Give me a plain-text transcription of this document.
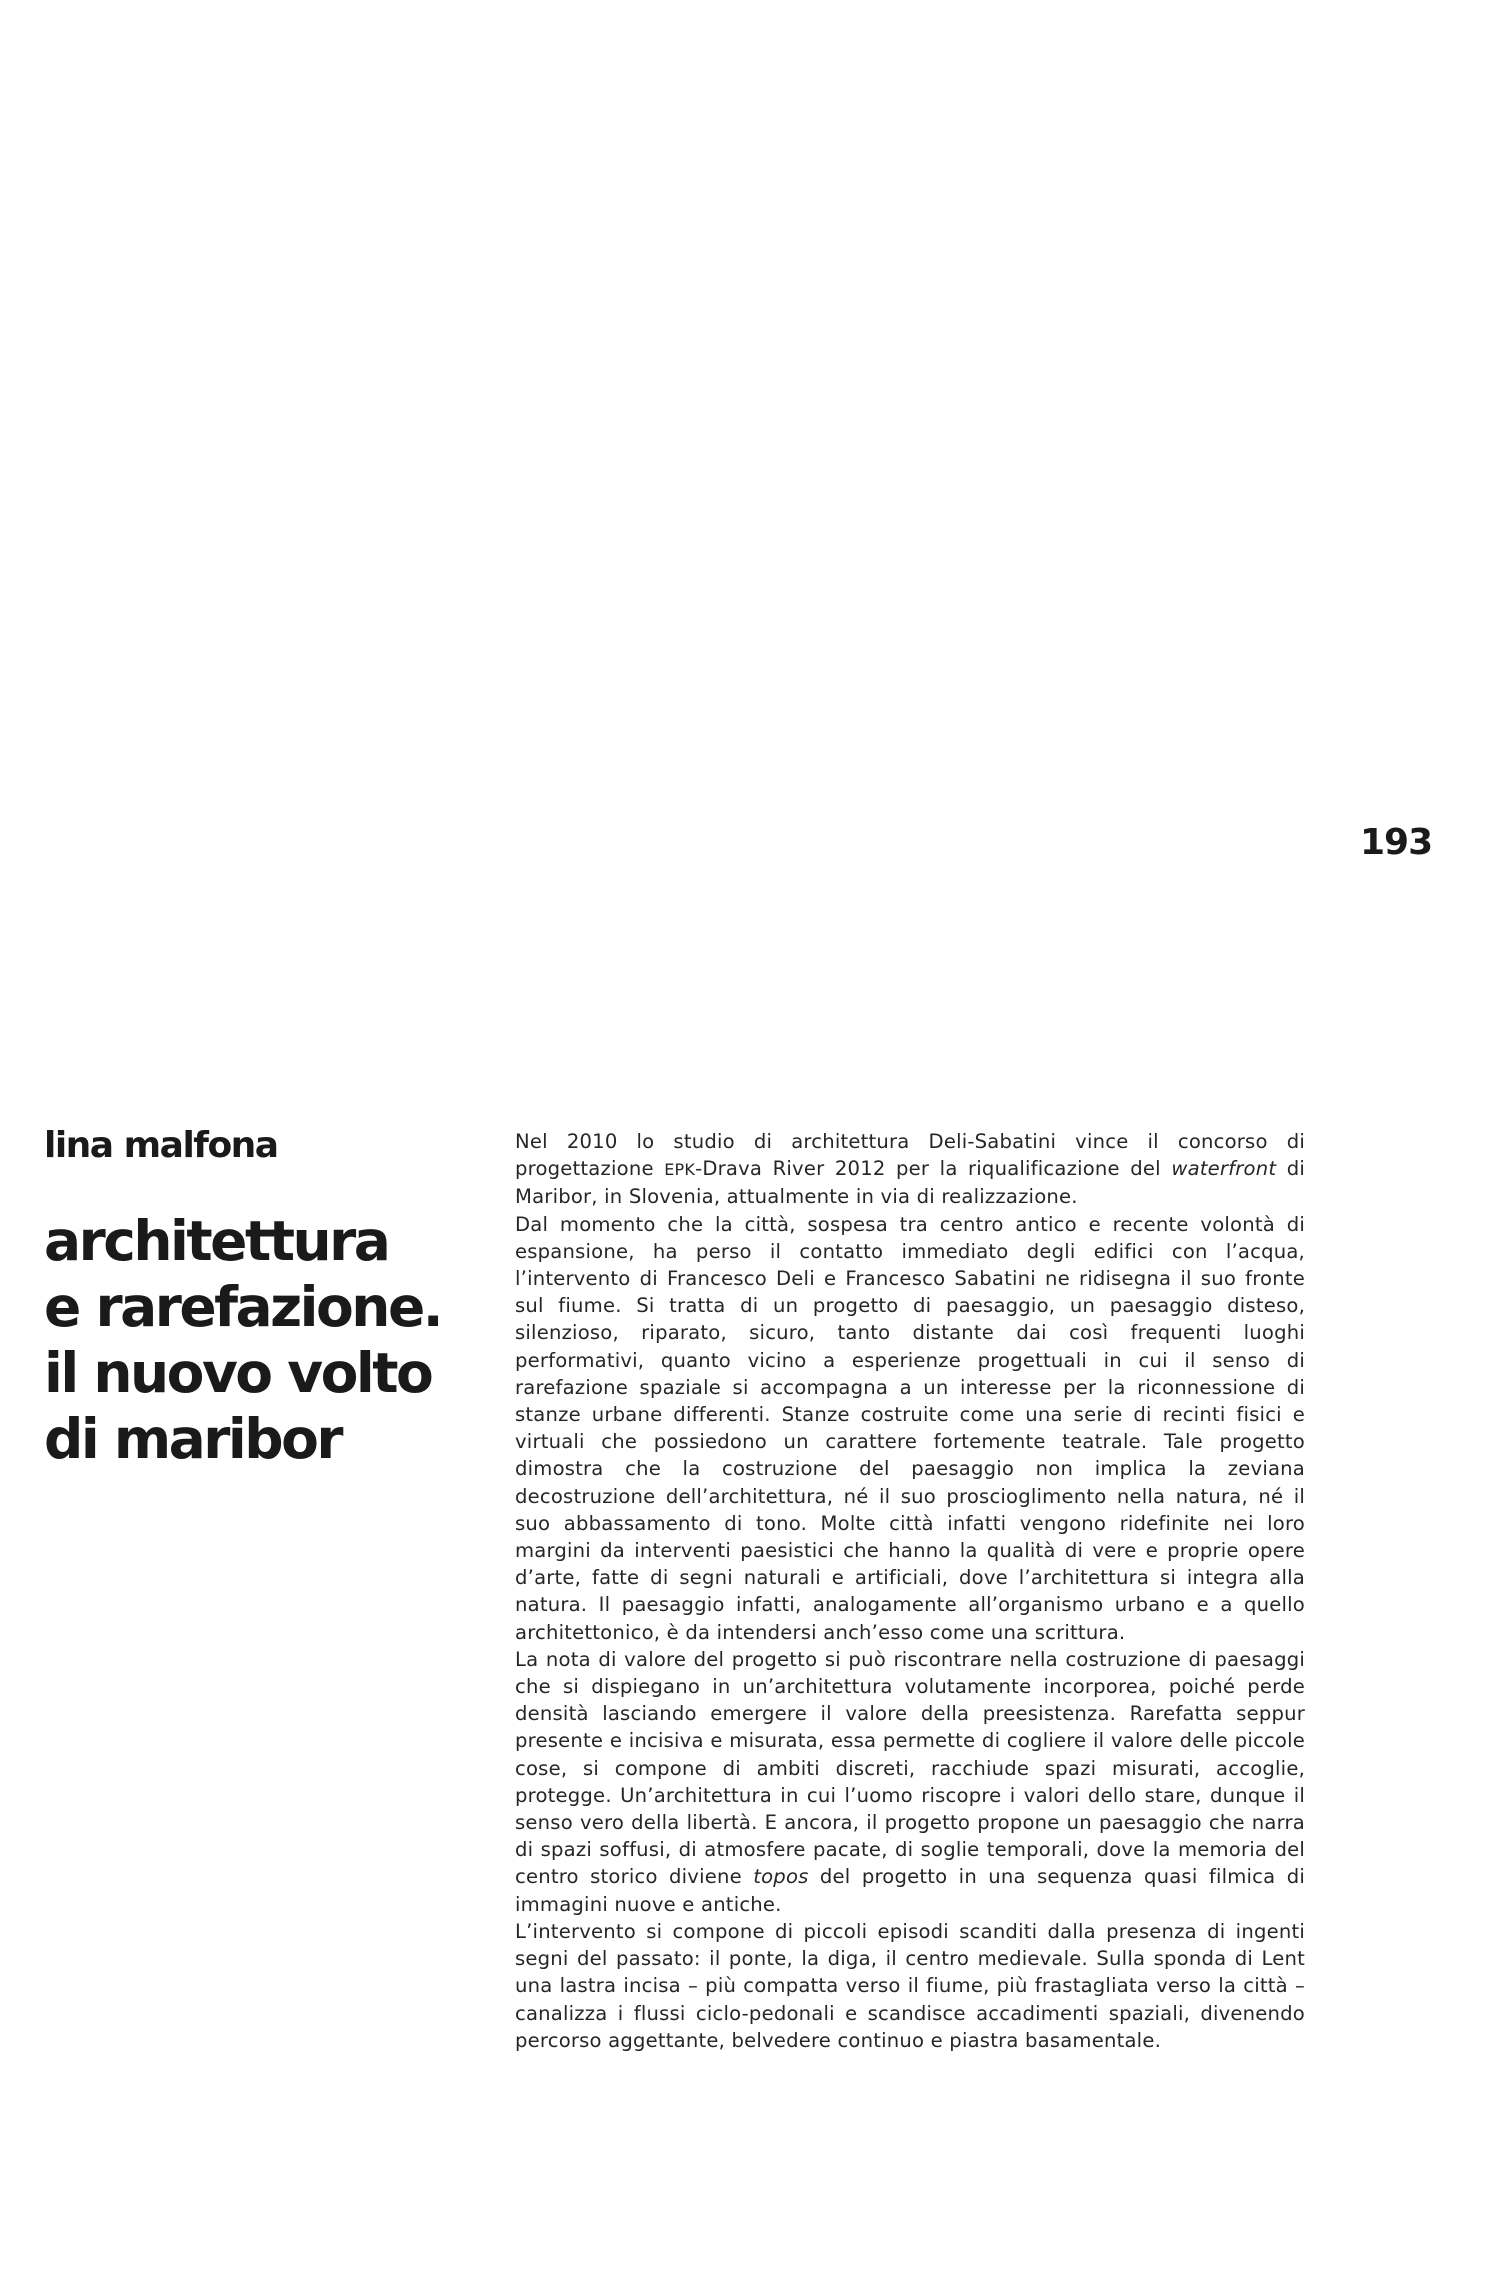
193
lina malfona
architettura
e rarefazione.
il nuovo volto
di maribor

Nel 2010 lo studio di architettura Deli-Sabatini vince il concorso di progettazione EPK-Drava River 2012 per la riqualificazione del waterfront di Maribor, in Slovenia, attualmente in via di realizzazione.

Dal momento che la città, sospesa tra centro antico e recente volontà di espansione, ha perso il contatto immediato degli edifici con l’acqua, l’intervento di Francesco Deli e Francesco Sabatini ne ridisegna il suo fronte sul fiume. Si tratta di un progetto di paesaggio, un paesaggio disteso, silenzioso, riparato, sicuro, tanto distante dai così frequenti luoghi performativi, quanto vicino a esperienze progettuali in cui il senso di rarefazione spaziale si accompagna a un interesse per la riconnessione di stanze urbane differenti. Stanze costruite come una serie di recinti fisici e virtuali che possiedono un carattere fortemente teatrale. Tale progetto dimostra che la costruzione del paesaggio non implica la zeviana decostruzione dell’architettura, né il suo proscioglimento nella natura, né il suo abbassamento di tono. Molte città infatti vengono ridefinite nei loro margini da interventi paesistici che hanno la qualità di vere e proprie opere d’arte, fatte di segni naturali e artificiali, dove l’architettura si integra alla natura. Il paesaggio infatti, analogamente all’organismo urbano e a quello architettonico, è da intendersi anch’esso come una scrittura.

La nota di valore del progetto si può riscontrare nella costruzione di paesaggi che si dispiegano in un’architettura volutamente incorporea, poiché perde densità lasciando emergere il valore della preesistenza. Rarefatta seppur presente e incisiva e misurata, essa permette di cogliere il valore delle piccole cose, si compone di ambiti discreti, racchiude spazi misurati, accoglie, protegge. Un’architettura in cui l’uomo riscopre i valori dello stare, dunque il senso vero della libertà. E ancora, il progetto propone un paesaggio che narra di spazi soffusi, di atmosfere pacate, di soglie temporali, dove la memoria del centro storico diviene topos del progetto in una sequenza quasi filmica di immagini nuove e antiche.

L’intervento si compone di piccoli episodi scanditi dalla presenza di ingenti segni del passato: il ponte, la diga, il centro medievale. Sulla sponda di Lent una lastra incisa – più compatta verso il fiume, più frastagliata verso la città – canalizza i flussi ciclo-pedonali e scandisce accadimenti spaziali, divenendo percorso aggettante, belvedere continuo e piastra basamentale.
